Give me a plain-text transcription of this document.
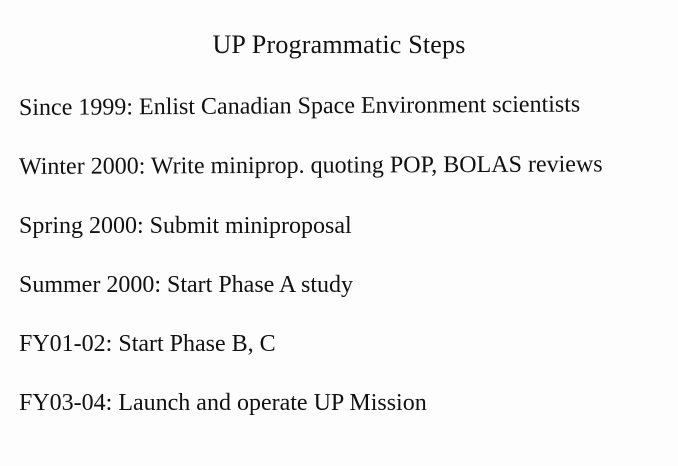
UP Programmatic Steps
Since 1999: Enlist Canadian Space Environment scientists
Winter 2000: Write miniprop. quoting POP, BOLAS reviews
Spring 2000: Submit miniproposal
Summer 2000: Start Phase A study
FY01-02: Start Phase B, C
FY03-04: Launch and operate UP Mission
